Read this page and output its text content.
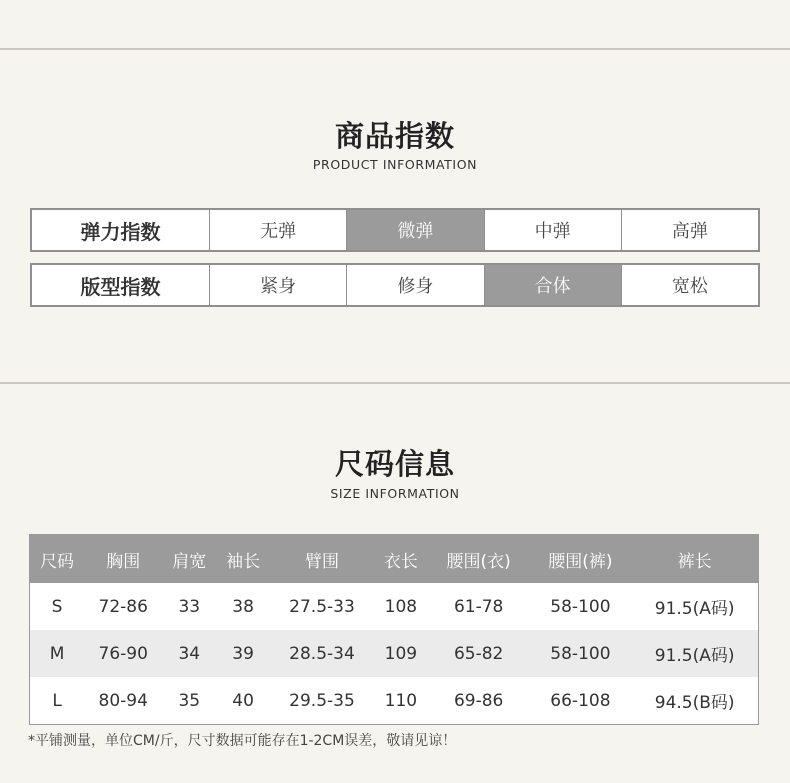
商品指数
PRODUCT INFORMATION
弹力指数	无弹	微弹	中弹	高弹
版型指数	紧身	修身	合体	宽松
尺码信息
SIZE INFORMATION
尺码	胸围	肩宽	袖长	臂围	衣长	腰围(衣)	腰围(裤)	裤长
S	72-86	33	38	27.5-33	108	61-78	58-100	91.5(A码)
M	76-90	34	39	28.5-34	109	65-82	58-100	91.5(A码)
L	80-94	35	40	29.5-35	110	69-86	66-108	94.5(B码)
*平铺测量，单位CM/斤，尺寸数据可能存在1-2CM误差，敬请见谅！
